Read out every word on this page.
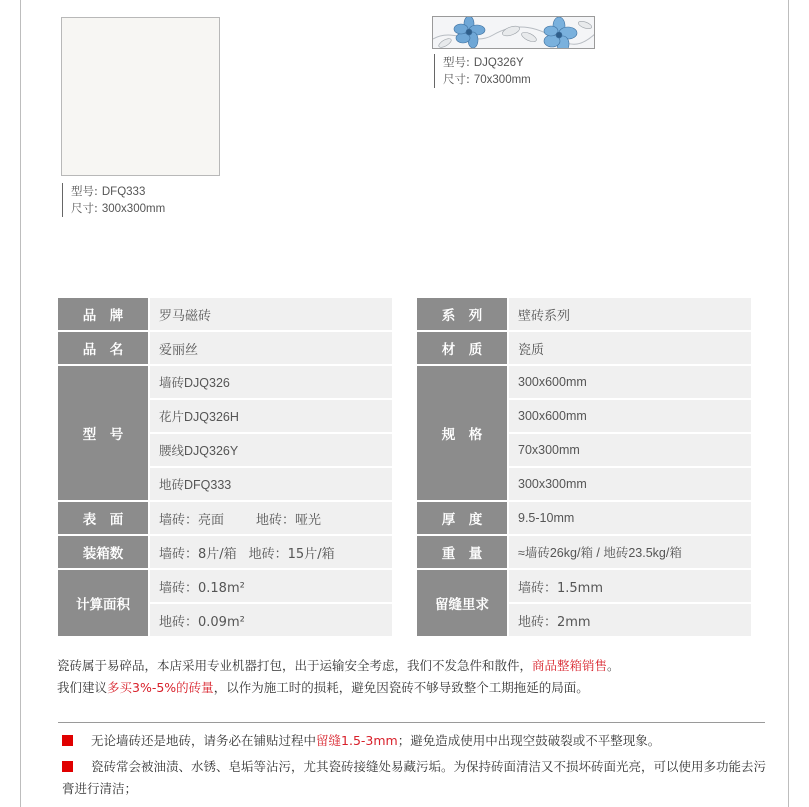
型号: DFQ333
尺寸: 300x300mm
型号: DJQ326Y
尺寸: 70x300mm
品　牌		罗马磁砖
品　名		爱丽丝
型　号		墙砖DJQ326
		花片DJQ326H
		腰线DJQ326Y
		地砖DFQ333
表　面		墙砖：亮面 地砖：哑光
装箱数		墙砖：8片/箱 地砖：15片/箱
计算面积		墙砖：0.18m²
		地砖：0.09m²
系　列		壁砖系列
材　质		瓷质
规　格		300x600mm
		300x600mm
		70x300mm
		300x300mm
厚　度		9.5-10mm
重　量		≈墙砖26kg/箱 / 地砖23.5kg/箱
留缝里求		墙砖：1.5mm
		地砖：2mm
瓷砖属于易碎品，本店采用专业机器打包，出于运输安全考虑，我们不发急件和散件，商品整箱销售。
我们建议多买3%-5%的砖量，以作为施工时的损耗，避免因瓷砖不够导致整个工期拖延的局面。
无论墙砖还是地砖，请务必在铺贴过程中留缝1.5-3mm；避免造成使用中出现空鼓破裂或不平整现象。
瓷砖常会被油渍、水锈、皂垢等沾污，尤其瓷砖接缝处易藏污垢。为保持砖面清洁又不损坏砖面光亮，可以使用多功能去污膏进行清洁；
